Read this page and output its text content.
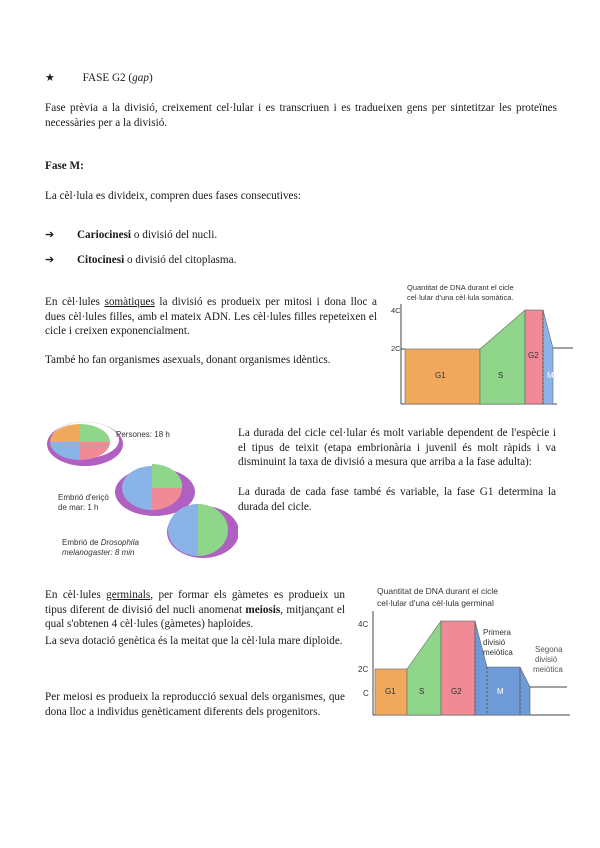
★ FASE G2 (gap)
Fase prèvia a la divisió, creixement cel·lular i es transcriuen i es tradueixen gens per sintetitzar les proteïnes necessàries per a la divisió.
Fase M:
La cèl·lula es divideix, compren dues fases consecutives:
➔ Cariocinesi o divisió del nucli.
➔ Citocinesi o divisió del citoplasma.
En cèl·lules somàtiques la divisió es produeix per mitosi i dona lloc a dues cèl·lules filles, amb el mateix ADN. Les cèl·lules filles repeteixen el cicle i creixen exponencialment.
També ho fan organismes asexuals, donant organismes idèntics.
Quantitat de DNA durant el cicle
cel·lular d'una cèl·lula somàtica.
4C
2C
G1	S
G2
M
Persones: 18 h
Embrió d'eriçó
de mar: 1 h
Embrió de Drosophila
melanogaster: 8 min
La durada del cicle cel·lular és molt variable dependent de l'espècie i el tipus de teixit (etapa embrionària i juvenil és molt ràpids i va disminuint la taxa de divisió a mesura que arriba a la fase adulta):
La durada de cada fase també és variable, la fase G1 determina la durada del cicle.
En cèl·lules germinals, per formar els gàmetes es produeix un tipus diferent de divisió del nucli anomenat meiosis, mitjançant el qual s'obtenen 4 cèl·lules (gàmetes) haploides.
La seva dotació genètica és la meitat que la cèl·lula mare diploide.
Per meiosi es produeix la reproducció sexual dels organismes, que dona lloc a individus genèticament diferents dels progenitors.
Quantitat de DNA durant el cicle
cel·lular d'una cèl·lula germinal
4C
2C
C G1	S	G2	M
Primera
divisió
meiòtica	Segona
divisió
meiòtica
